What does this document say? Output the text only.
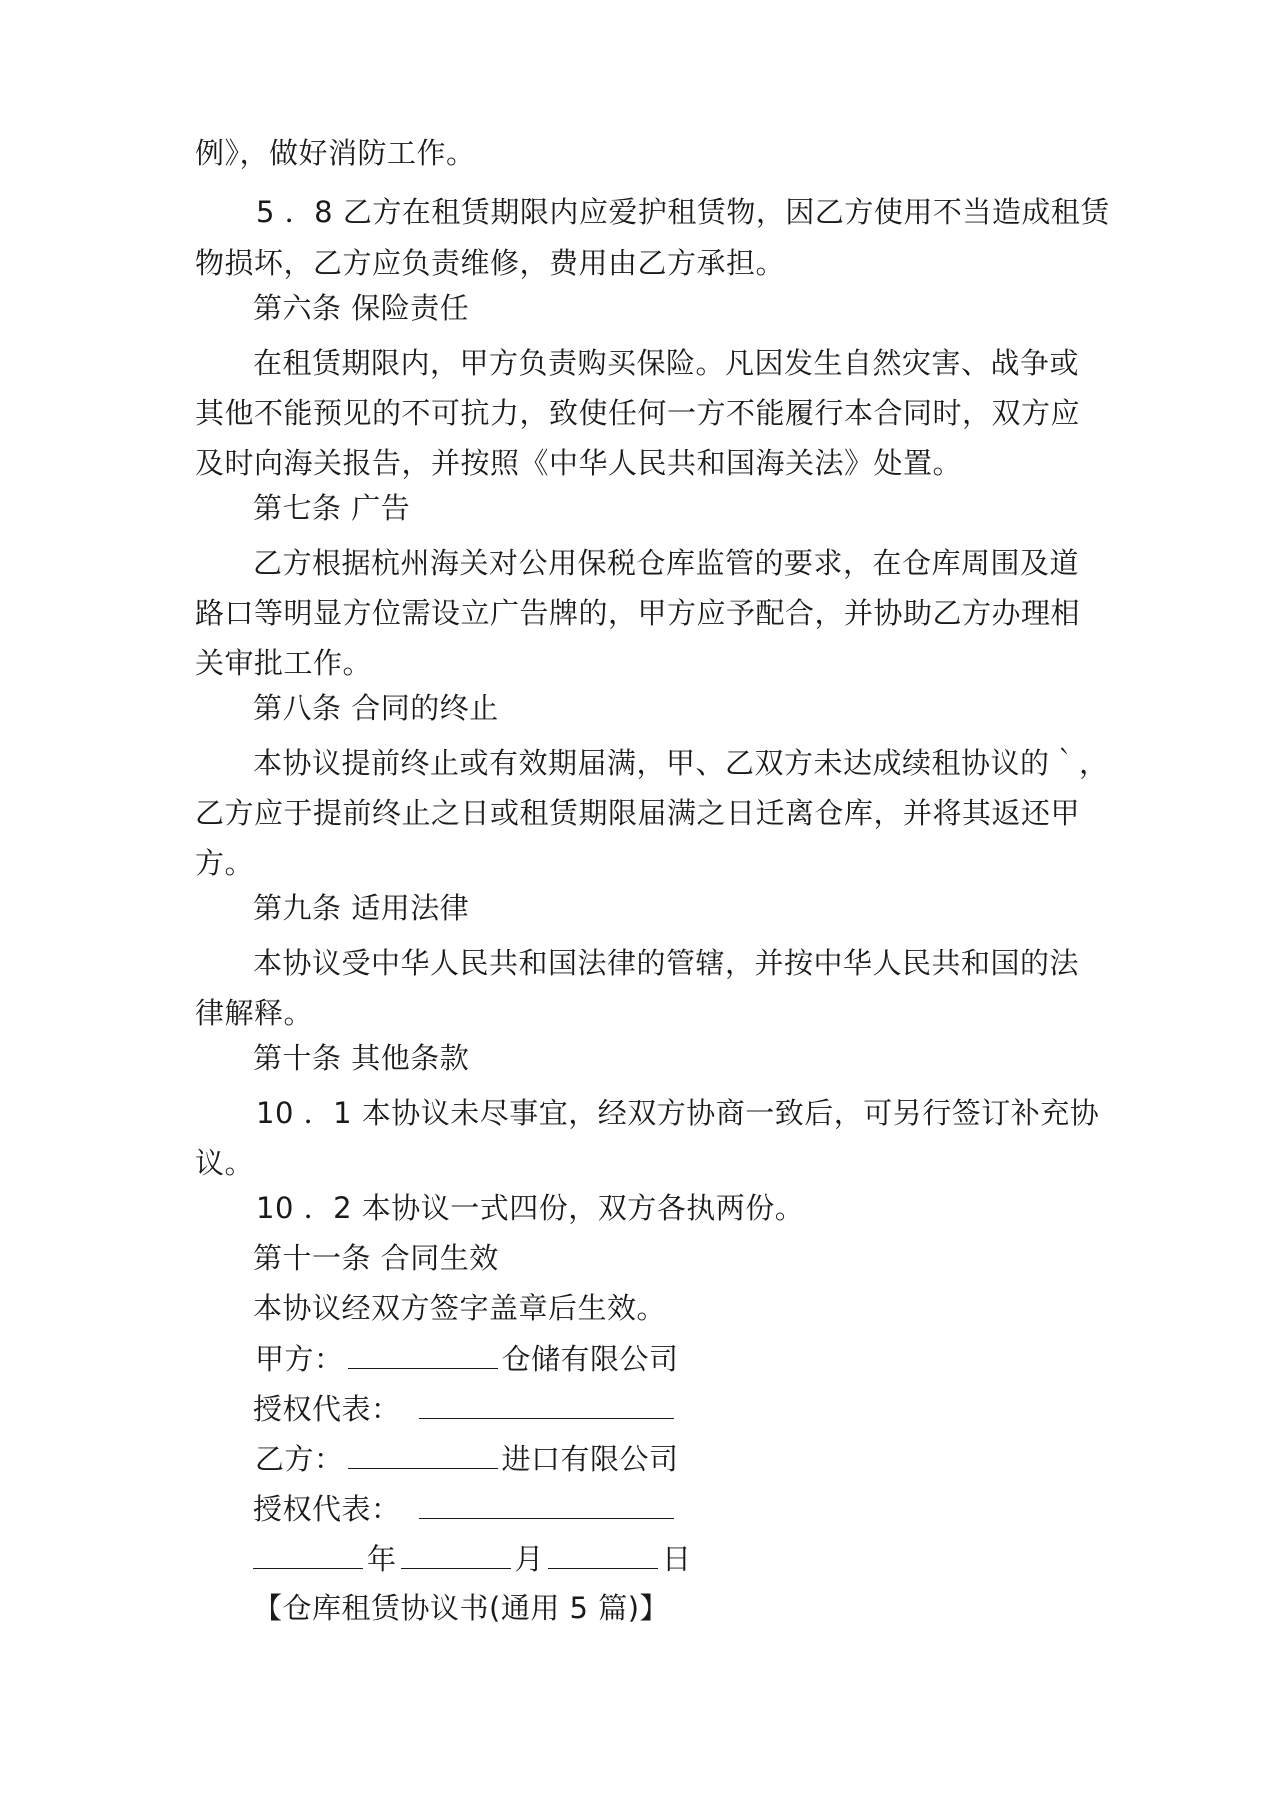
例》，做好消防工作。
5 ．8 乙方在租赁期限内应爱护租赁物，因乙方使用不当造成租赁
物损坏，乙方应负责维修，费用由乙方承担。
第六条 保险责任
在租赁期限内，甲方负责购买保险。凡因发生自然灾害、战争或
其他不能预见的不可抗力，致使任何一方不能履行本合同时，双方应
及时向海关报告，并按照《中华人民共和国海关法》处置。
第七条 广告
乙方根据杭州海关对公用保税仓库监管的要求，在仓库周围及道
路口等明显方位需设立广告牌的，甲方应予配合，并协助乙方办理相
关审批工作。
第八条 合同的终止
本协议提前终止或有效期届满，甲、乙双方未达成续租协议的｀，
乙方应于提前终止之日或租赁期限届满之日迁离仓库，并将其返还甲
方。
第九条 适用法律
本协议受中华人民共和国法律的管辖，并按中华人民共和国的法
律解释。
第十条 其他条款
10 ．1 本协议未尽事宜，经双方协商一致后，可另行签订补充协
议。
10 ．2 本协议一式四份，双方各执两份。
第十一条 合同生效
本协议经双方签字盖章后生效。
甲方：	仓储有限公司
授权代表：
乙方：	进口有限公司
授权代表：
年	月	日
【仓库租赁协议书(通用 5 篇)】
